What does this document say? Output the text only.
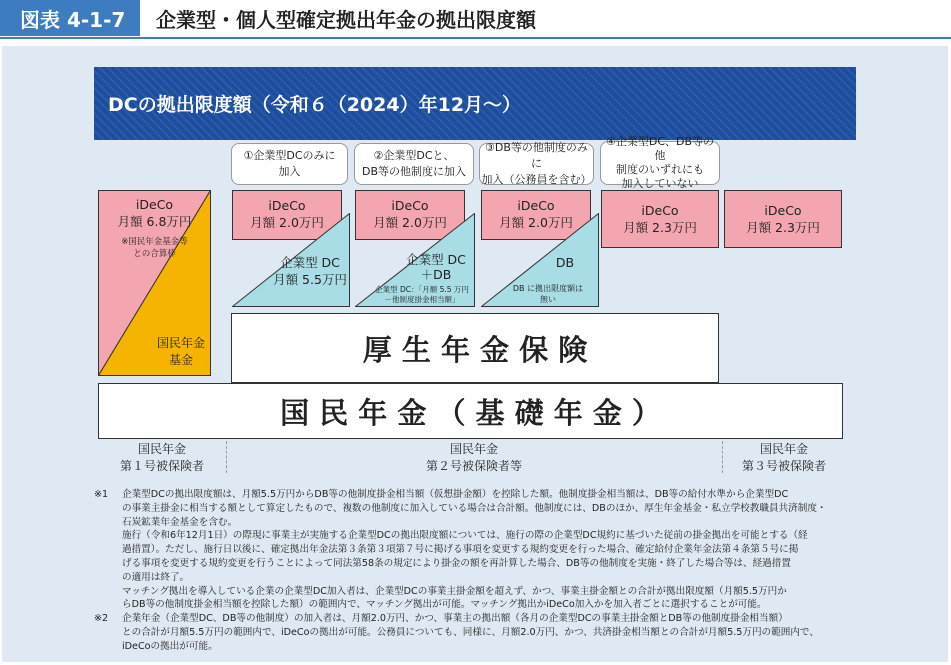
図表 4-1-7	企業型・個人型確定拠出年金の拠出限度額
DCの拠出限度額（令和６（2024）年12月～）
①企業型DCのみに
加入
②企業型DCと、
DB等の他制度に加入
③DB等の他制度のみに
加入（公務員を含む）
④企業型DC、DB等の他
制度のいずれにも
加入していない
iDeCo
月額 6.8万円
※国民年金基金等
との合算枠
国民年金
基金
iDeCo
月額 2.0万円
企業型 DC
月額 5.5万円
iDeCo
月額 2.0万円
企業型 DC
＋DB
企業型 DC：「月額 5.5 万円
－他制度掛金相当額」
iDeCo
月額 2.0万円
DB
DB に拠出限度額は
無い
iDeCo
月額 2.3万円
iDeCo
月額 2.3万円
厚 生 年 金 保 険
国 民 年 金 （ 基 礎 年 金 ）
国民年金
第１号被保険者
国民年金
第２号被保険者等
国民年金
第３号被保険者
※1	企業型DCの拠出限度額は、月額5.5万円からDB等の他制度掛金相当額（仮想掛金額）を控除した額。他制度掛金相当額は、DB等の給付水準から企業型DC
の事業主掛金に相当する額として算定したもので、複数の他制度に加入している場合は合計額。他制度には、DBのほか、厚生年金基金・私立学校教職員共済制度・
石炭鉱業年金基金を含む。
施行（令和6年12月1日）の際現に事業主が実施する企業型DCの拠出限度額については、施行の際の企業型DC規約に基づいた従前の掛金拠出を可能とする（経
過措置）。ただし、施行日以後に、確定拠出年金法第３条第３項第７号に掲げる事項を変更する規約変更を行った場合、確定給付企業年金法第４条第５号に掲
げる事項を変更する規約変更を行うことによって同法第58条の規定により掛金の額を再計算した場合、DB等の他制度を実施・終了した場合等は、経過措置
の適用は終了。
マッチング拠出を導入している企業の企業型DC加入者は、企業型DCの事業主掛金額を超えず、かつ、事業主掛金額との合計が拠出限度額（月額5.5万円か
らDB等の他制度掛金相当額を控除した額）の範囲内で、マッチング拠出が可能。マッチング拠出かiDeCo加入かを加入者ごとに選択することが可能。
※2	企業年金（企業型DC、DB等の他制度）の加入者は、月額2.0万円、かつ、事業主の拠出額（各月の企業型DCの事業主掛金額とDB等の他制度掛金相当額）
との合計が月額5.5万円の範囲内で、iDeCoの拠出が可能。公務員についても、同様に、月額2.0万円、かつ、共済掛金相当額との合計が月額5.5万円の範囲内で、
iDeCoの拠出が可能。
